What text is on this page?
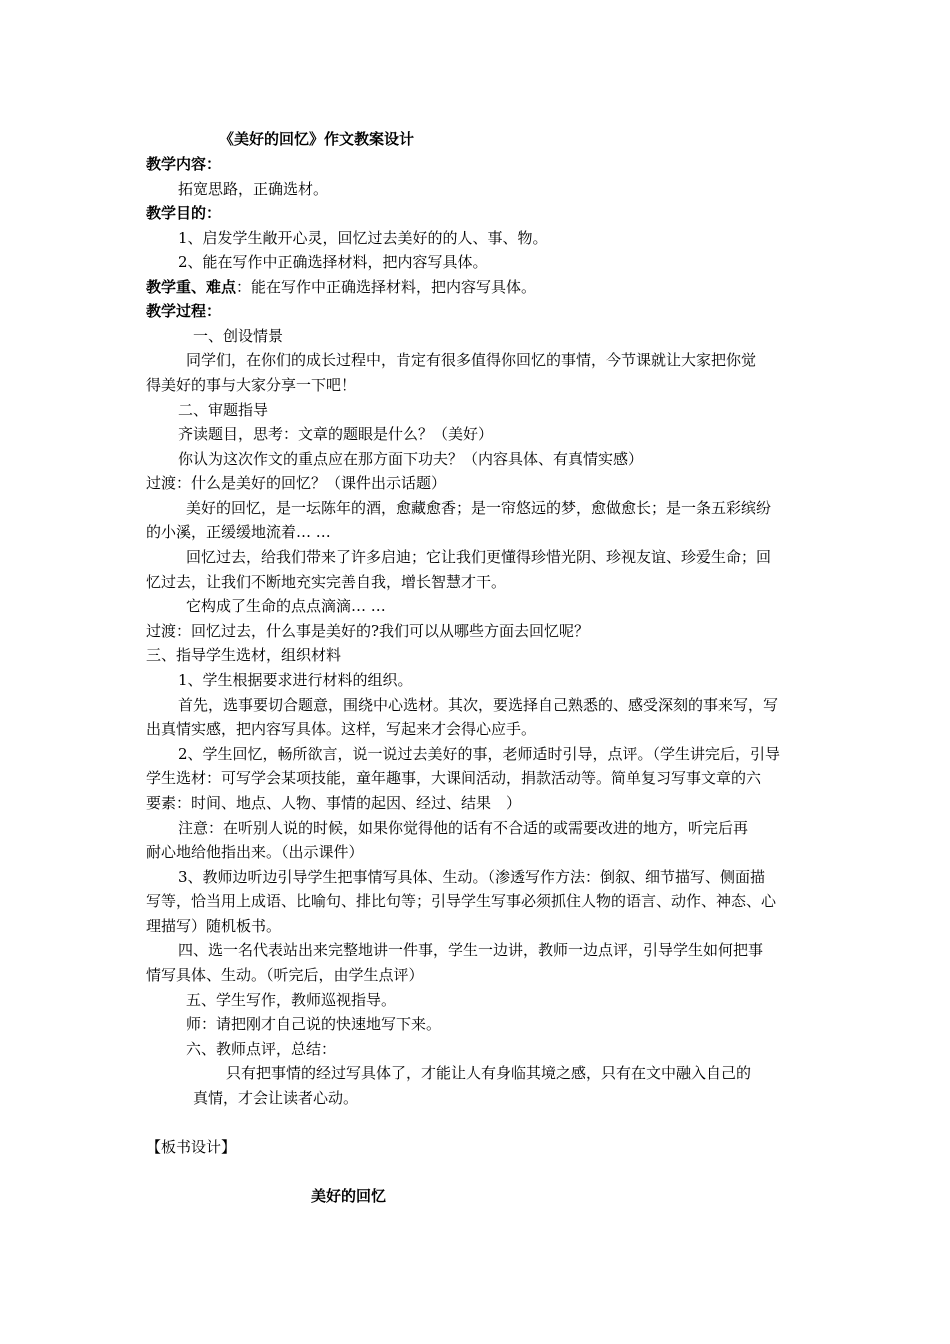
《美好的回忆》作文教案设计
教学内容：
拓宽思路，正确选材。
教学目的：
1、启发学生敞开心灵，回忆过去美好的的人、事、物。
2、能在写作中正确选择材料，把内容写具体。
教学重、难点：能在写作中正确选择材料，把内容写具体。
教学过程：
一、创设情景
同学们，在你们的成长过程中，肯定有很多值得你回忆的事情，今节课就让大家把你觉
得美好的事与大家分享一下吧！
二、审题指导
齐读题目，思考：文章的题眼是什么？（美好）
你认为这次作文的重点应在那方面下功夫？（内容具体、有真情实感）
过渡：什么是美好的回忆？（课件出示话题）
美好的回忆，是一坛陈年的酒，愈藏愈香；是一帘悠远的梦，愈做愈长；是一条五彩缤纷
的小溪，正缓缓地流着… …
回忆过去，给我们带来了许多启迪；它让我们更懂得珍惜光阴、珍视友谊、珍爱生命；回
忆过去，让我们不断地充实完善自我，增长智慧才干。
它构成了生命的点点滴滴… …
过渡：回忆过去，什么事是美好的?我们可以从哪些方面去回忆呢？
三、指导学生选材，组织材料
1、学生根据要求进行材料的组织。
首先，选事要切合题意，围绕中心选材。其次，要选择自己熟悉的、感受深刻的事来写，写
出真情实感，把内容写具体。这样，写起来才会得心应手。
2、学生回忆，畅所欲言，说一说过去美好的事，老师适时引导，点评。（学生讲完后，引导
学生选材：可写学会某项技能，童年趣事，大课间活动，捐款活动等。简单复习写事文章的六
要素：时间、地点、人物、事情的起因、经过、结果　）
注意：在听别人说的时候，如果你觉得他的话有不合适的或需要改进的地方，听完后再
耐心地给他指出来。（出示课件）
3、教师边听边引导学生把事情写具体、生动。（渗透写作方法：倒叙、细节描写、侧面描
写等，恰当用上成语、比喻句、排比句等；引导学生写事必须抓住人物的语言、动作、神态、心
理描写）随机板书。
四、选一名代表站出来完整地讲一件事，学生一边讲，教师一边点评，引导学生如何把事
情写具体、生动。（听完后，由学生点评）
五、学生写作，教师巡视指导。
师：请把刚才自己说的快速地写下来。
六、教师点评，总结：
只有把事情的经过写具体了，才能让人有身临其境之感，只有在文中融入自己的
真情，才会让读者心动。
【板书设计】
美好的回忆
